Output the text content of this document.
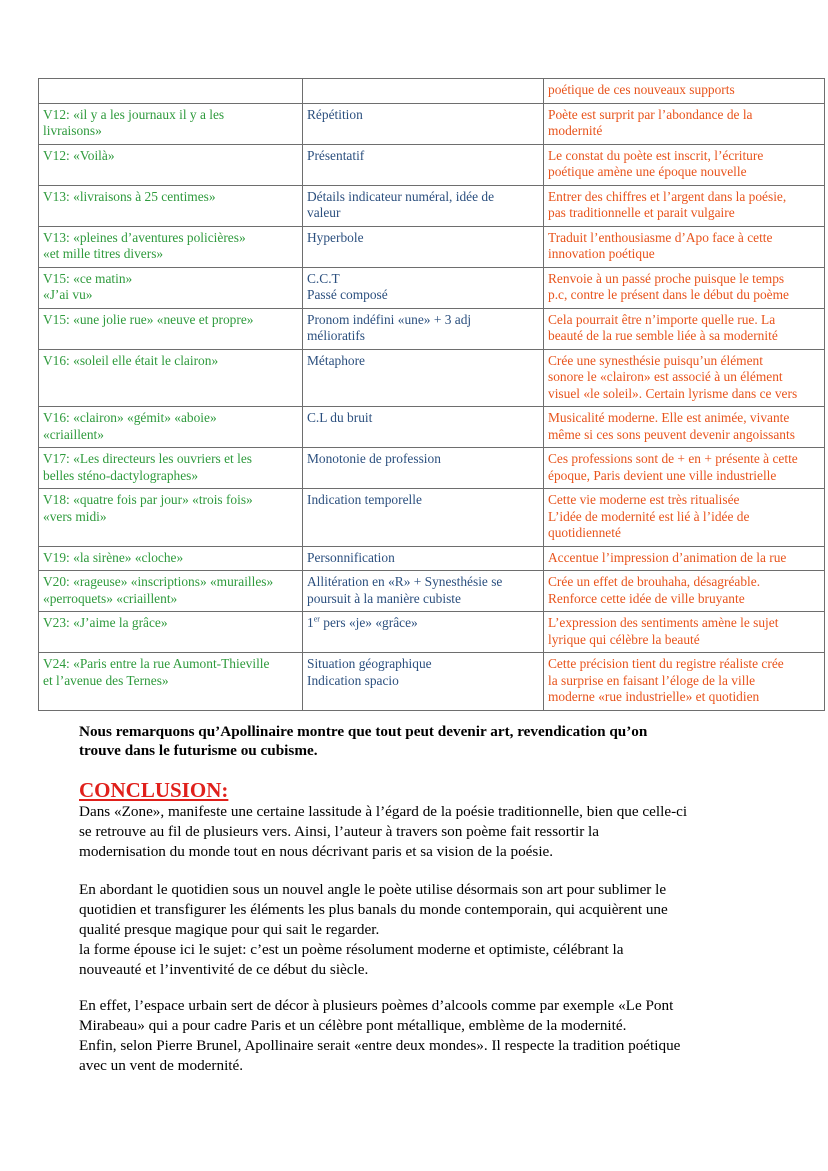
		poétique de ces nouveaux supports

V12: «il y a les journaux il y a les
livraisons»	Répétition	Poète est surprit par l’abondance de la
modernité

V12: «Voilà»	Présentatif	Le constat du poète est inscrit, l’écriture
poétique amène une époque nouvelle

V13: «livraisons à 25 centimes»	Détails indicateur numéral, idée de
valeur	Entrer des chiffres et l’argent dans la poésie,
pas traditionnelle et parait vulgaire

V13: «pleines d’aventures policières»
«et mille titres divers»	Hyperbole	Traduit l’enthousiasme d’Apo face à cette
innovation poétique

V15: «ce matin»
«J’ai vu»	C.C.T
Passé composé	Renvoie à un passé proche puisque le temps
p.c, contre le présent dans le début du poème

V15: «une jolie rue» «neuve et propre»	Pronom indéfini «une» + 3 adj
mélioratifs	Cela pourrait être n’importe quelle rue. La
beauté de la rue semble liée à sa modernité

V16: «soleil elle était le clairon»	Métaphore	Crée une synesthésie puisqu’un élément
sonore le «clairon» est associé à un élément
visuel «le soleil». Certain lyrisme dans ce vers

V16: «clairon» «gémit» «aboie»
«criaillent»	C.L du bruit	Musicalité moderne. Elle est animée, vivante
même si ces sons peuvent devenir angoissants

V17: «Les directeurs les ouvriers et les
belles sténo-dactylographes»	Monotonie de profession	Ces professions sont de + en + présente à cette
époque, Paris devient une ville industrielle

V18: «quatre fois par jour» «trois fois»
«vers midi»	Indication temporelle	Cette vie moderne est très ritualisée
L’idée de modernité est lié à l’idée de
quotidienneté

V19: «la sirène» «cloche»	Personnification	Accentue l’impression d’animation de la rue

V20: «rageuse» «inscriptions» «murailles»
«perroquets» «criaillent»	Allitération en «R» + Synesthésie se
poursuit à la manière cubiste	Crée un effet de brouhaha, désagréable.
Renforce cette idée de ville bruyante

V23: «J’aime la grâce»	1er pers «je» «grâce»	L’expression des sentiments amène le sujet
lyrique qui célèbre la beauté

V24: «Paris entre la rue Aumont-Thieville
et l’avenue des Ternes»	Situation géographique
Indication spacio	Cette précision tient du registre réaliste crée
la surprise en faisant l’éloge de la ville
moderne «rue industrielle» et quotidien
Nous remarquons qu’Apollinaire montre que tout peut devenir art, revendication qu’on
trouve dans le futurisme ou cubisme.
CONCLUSION:
Dans «Zone», manifeste une certaine lassitude à l’égard de la poésie traditionnelle, bien que celle-ci
se retrouve au fil de plusieurs vers. Ainsi, l’auteur à travers son poème fait ressortir la
modernisation du monde tout en nous décrivant paris et sa vision de la poésie.
En abordant le quotidien sous un nouvel angle le poète utilise désormais son art pour sublimer le
quotidien et transfigurer les éléments les plus banals du monde contemporain, qui acquièrent une
qualité presque magique pour qui sait le regarder.
la forme épouse ici le sujet: c’est un poème résolument moderne et optimiste, célébrant la
nouveauté et l’inventivité de ce début du siècle.
En effet, l’espace urbain sert de décor à plusieurs poèmes d’alcools comme par exemple «Le Pont
Mirabeau» qui a pour cadre Paris et un célèbre pont métallique, emblème de la modernité.
Enfin, selon Pierre Brunel, Apollinaire serait «entre deux mondes». Il respecte la tradition poétique
avec un vent de modernité.
